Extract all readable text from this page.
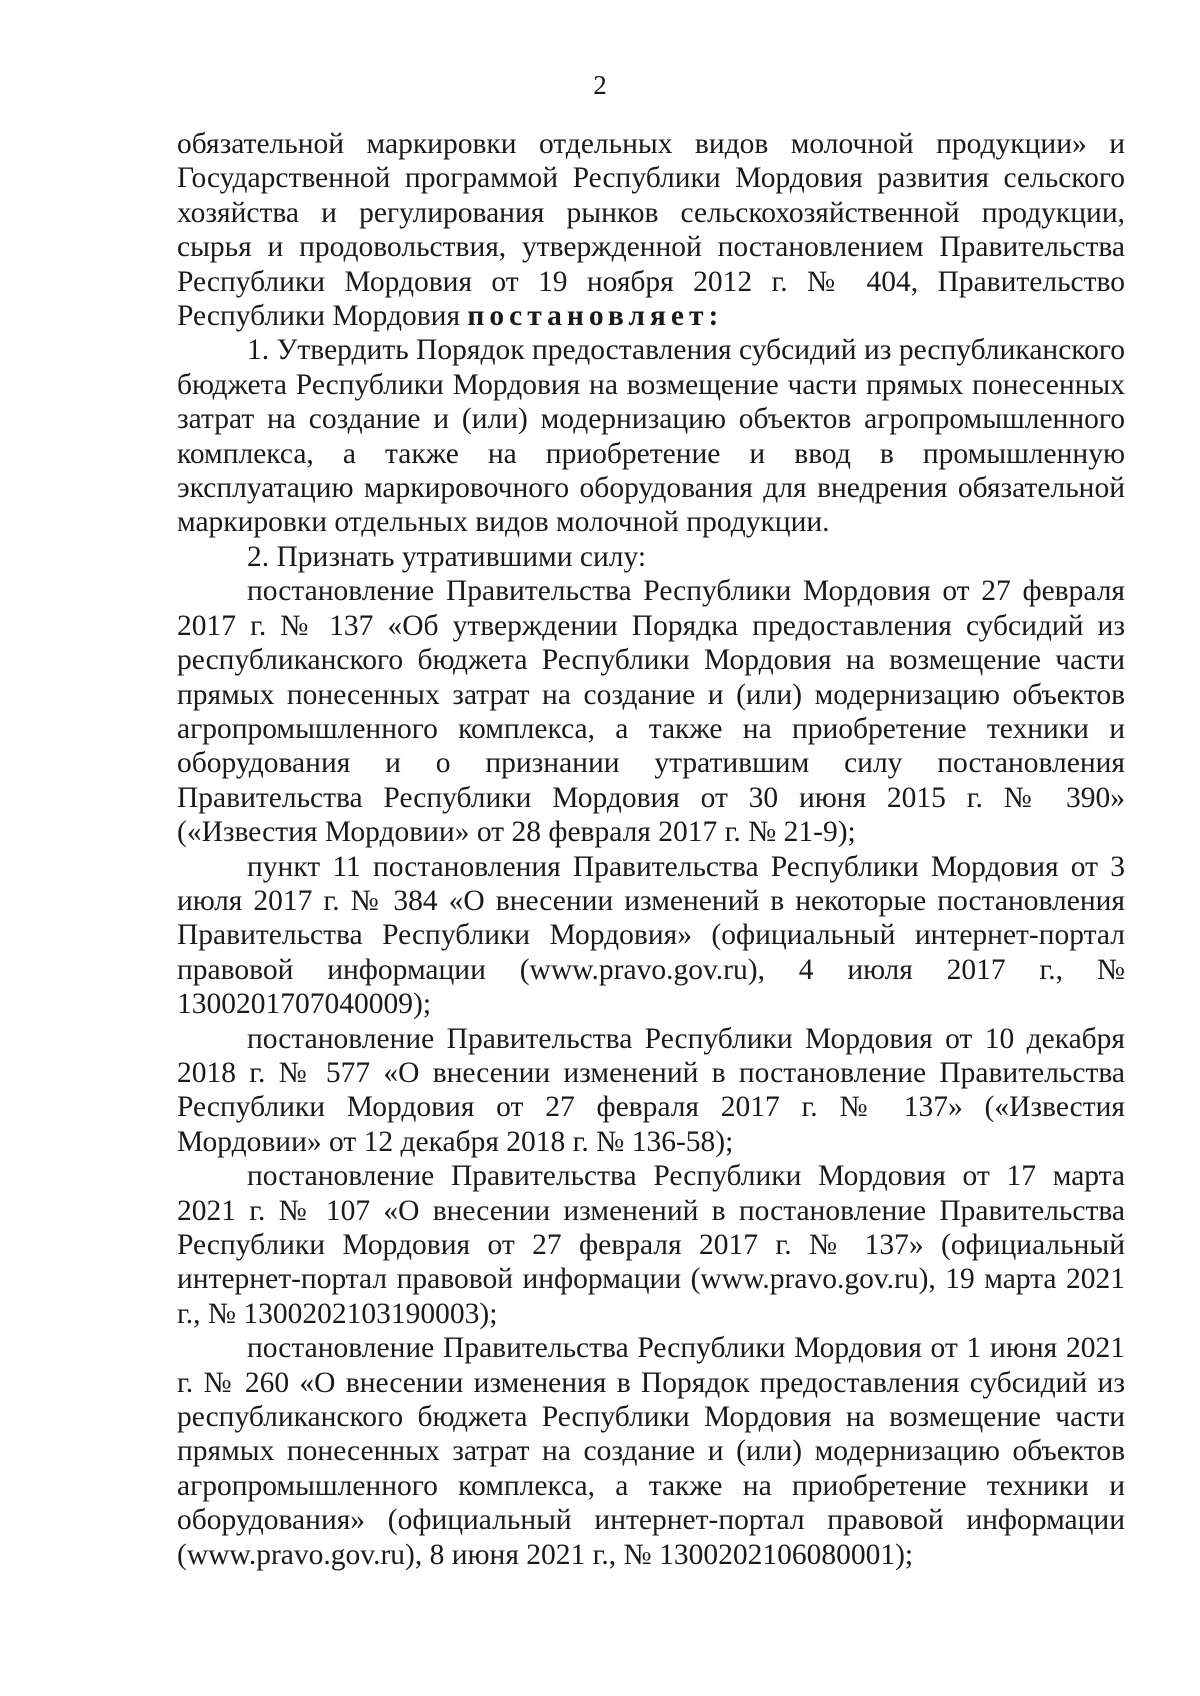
2

обязательной маркировки отдельных видов молочной продукции» и Государственной программой Республики Мордовия развития сельского хозяйства и регулирования рынков сельскохозяйственной продукции, сырья и продовольствия, утвержденной постановлением Правительства Республики Мордовия от 19 ноября 2012 г. № 404, Правительство Республики Мордовия постановляет:

1. Утвердить Порядок предоставления субсидий из республиканского бюджета Республики Мордовия на возмещение части прямых понесенных затрат на создание и (или) модернизацию объектов агропромышленного комплекса, а также на приобретение и ввод в промышленную эксплуатацию маркировочного оборудования для внедрения обязательной маркировки отдельных видов молочной продукции.

2. Признать утратившими силу:

постановление Правительства Республики Мордовия от 27 февраля 2017 г. № 137 «Об утверждении Порядка предоставления субсидий из республиканского бюджета Республики Мордовия на возмещение части прямых понесенных затрат на создание и (или) модернизацию объектов агропромышленного комплекса, а также на приобретение техники и оборудования и о признании утратившим силу постановления Правительства Республики Мордовия от 30 июня 2015 г. № 390» («Известия Мордовии» от 28 февраля 2017 г. № 21-9);

пункт 11 постановления Правительства Республики Мордовия от 3 июля 2017 г. № 384 «О внесении изменений в некоторые постановления Правительства Республики Мордовия» (официальный интернет-портал правовой информации (www.pravo.gov.ru), 4 июля 2017 г., № 1300201707040009);

постановление Правительства Республики Мордовия от 10 декабря 2018 г. № 577 «О внесении изменений в постановление Правительства Республики Мордовия от 27 февраля 2017 г. № 137» («Известия Мордовии» от 12 декабря 2018 г. № 136-58);

постановление Правительства Республики Мордовия от 17 марта 2021 г. № 107 «О внесении изменений в постановление Правительства Республики Мордовия от 27 февраля 2017 г. № 137» (официальный интернет-портал правовой информации (www.pravo.gov.ru), 19 марта 2021 г., № 1300202103190003);

постановление Правительства Республики Мордовия от 1 июня 2021 г. № 260 «О внесении изменения в Порядок предоставления субсидий из республиканского бюджета Республики Мордовия на возмещение части прямых понесенных затрат на создание и (или) модернизацию объектов агропромышленного комплекса, а также на приобретение техники и оборудования» (официальный интернет-портал правовой информации (www.pravo.gov.ru), 8 июня 2021 г., № 1300202106080001);
